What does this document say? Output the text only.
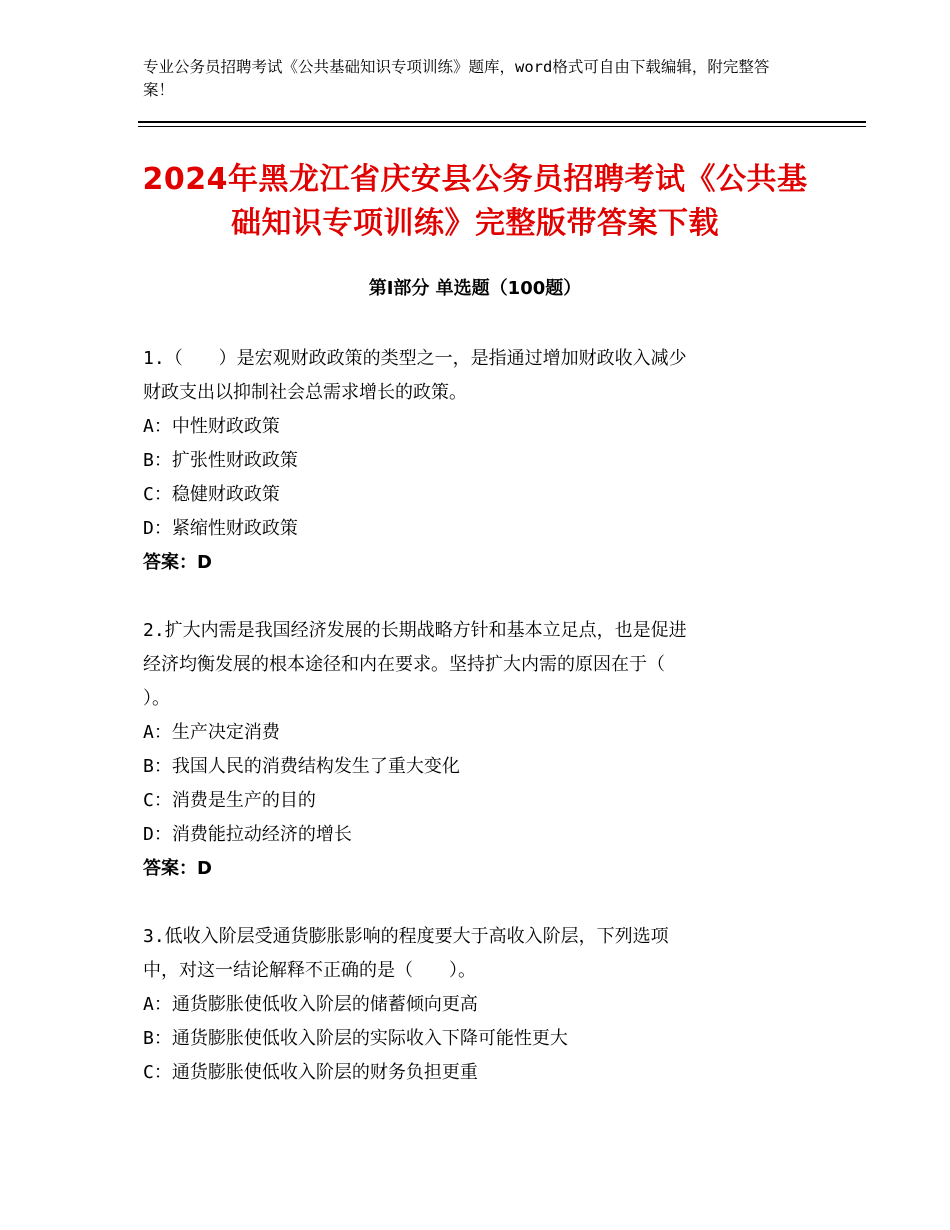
专业公务员招聘考试《公共基础知识专项训练》题库，word格式可自由下载编辑，附完整答案！
2024年黑龙江省庆安县公务员招聘考试《公共基础知识专项训练》完整版带答案下载
第Ⅰ部分 单选题（100题）
1.（　　）是宏观财政政策的类型之一，是指通过增加财政收入减少
财政支出以抑制社会总需求增长的政策。
A：中性财政政策
B：扩张性财政政策
C：稳健财政政策
D：紧缩性财政政策
答案：D
2.扩大内需是我国经济发展的长期战略方针和基本立足点，也是促进
经济均衡发展的根本途径和内在要求。坚持扩大内需的原因在于（
）。
A：生产决定消费
B：我国人民的消费结构发生了重大变化
C：消费是生产的目的
D：消费能拉动经济的增长
答案：D
3.低收入阶层受通货膨胀影响的程度要大于高收入阶层，下列选项
中，对这一结论解释不正确的是（　　）。
A：通货膨胀使低收入阶层的储蓄倾向更高
B：通货膨胀使低收入阶层的实际收入下降可能性更大
C：通货膨胀使低收入阶层的财务负担更重
